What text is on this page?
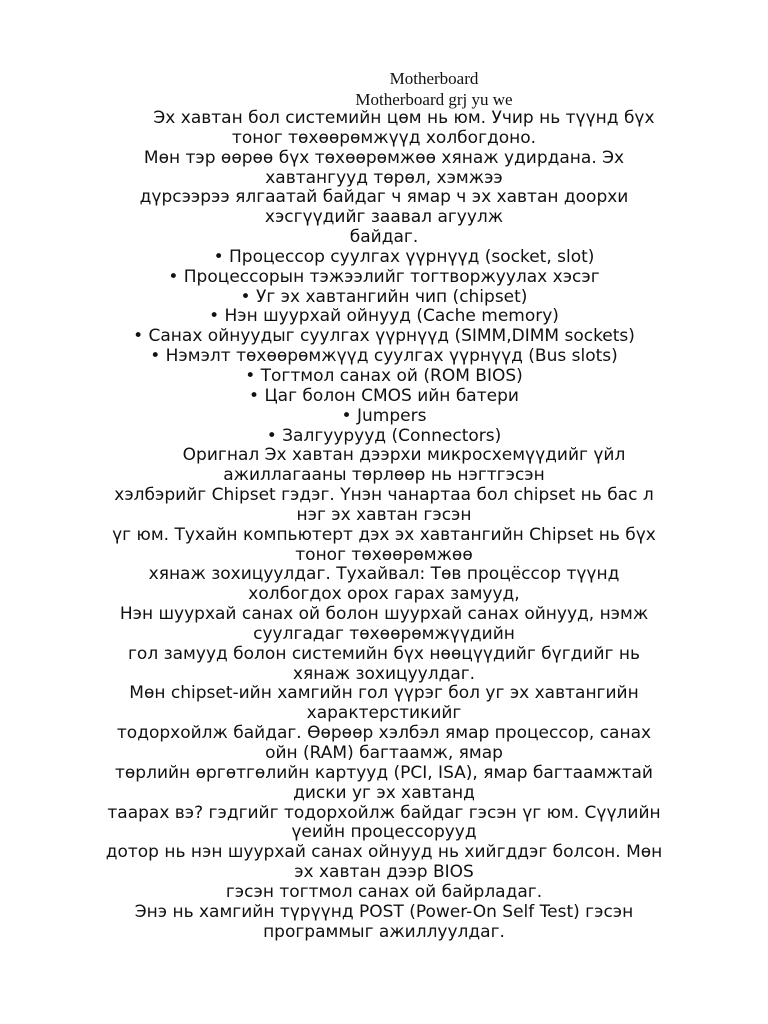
Motherboard
Motherboard grj yu we

Эх хавтан бол системийн цөм нь юм. Учир нь түүнд бүх

тоног төхөөрөмжүүд холбогдоно.

Мөн тэр өөрөө бүх төхөөрөмжөө хянаж удирдана. Эх

хавтангууд төрөл, хэмжээ

дүрсээрээ ялгаатай байдаг ч ямар ч эх хавтан доорхи

хэсгүүдийг заавал агуулж

байдаг.

• Процессор суулгах үүрнүүд (socket, slot)

• Процессорын тэжээлийг тогтворжуулах хэсэг

• Уг эх хавтангийн чип (chipset)

• Нэн шуурхай ойнууд (Cache memory)

• Санах ойнуудыг суулгах үүрнүүд (SIMM,DIMM sockets)

• Нэмэлт төхөөрөмжүүд суулгах үүрнүүд (Bus slots)

• Тогтмол санах ой (ROM BIOS)

• Цаг болон CMOS ийн батери

• Jumpers

• Залгуурууд (Connectors)

Оригнал Эх хавтан дээрхи микросхемүүдийг үйл

ажиллагааны төрлөөр нь нэгтгэсэн

хэлбэрийг Chipset гэдэг. Үнэн чанартаа бол chipset нь бас л

нэг эх хавтан гэсэн

үг юм. Тухайн компьютерт дэх эх хавтангийн Chipset нь бүх

тоног төхөөрөмжөө

хянаж зохицуулдаг. Тухайвал: Төв процёссор түүнд

холбогдох орох гарах замууд,

Нэн шуурхай санах ой болон шуурхай санах ойнууд, нэмж

суулгадаг төхөөрөмжүүдийн

гол замууд болон системийн бүх нөөцүүдийг бүгдийг нь

хянаж зохицуулдаг.

Мөн chipset-ийн хамгийн гол үүрэг бол уг эх хавтангийн

характерстикийг

тодорхойлж байдаг. Өөрөөр хэлбэл ямар процессор, санах

ойн (RAM) багтаамж, ямар

төрлийн өргөтгөлийн картууд (PCI, ISA), ямар багтаамжтай

диски уг эх хавтанд

таарах вэ? гэдгийг тодорхойлж байдаг гэсэн үг юм. Сүүлийн

үеийн процессорууд

дотор нь нэн шуурхай санах ойнууд нь хийгддэг болсон. Мөн

эх хавтан дээр BIOS

гэсэн тогтмол санах ой байрладаг.

Энэ нь хамгийн түрүүнд POST (Power-On Self Test) гэсэн

программыг ажиллуулдаг.
